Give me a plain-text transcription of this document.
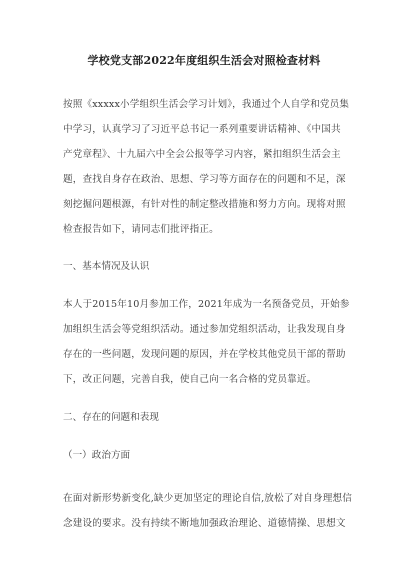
学校党支部2022年度组织生活会对照检查材料
按照《xxxxx小学组织生活会学习计划》，我通过个人自学和党员集
中学习，认真学习了习近平总书记一系列重要讲话精神、《中国共
产党章程》、十九届六中全会公报等学习内容，紧扣组织生活会主
题，查找自身存在政治、思想、学习等方面存在的问题和不足，深
刻挖掘问题根源，有针对性的制定整改措施和努力方向。现将对照
检查报告如下，请同志们批评指正。
一、基本情况及认识
本人于2015年10月参加工作，2021年成为一名预备党员，开始参
加组织生活会等党组织活动。通过参加党组织活动，让我发现自身
存在的一些问题，发现问题的原因，并在学校其他党员干部的帮助
下，改正问题，完善自我，使自己向一名合格的党员靠近。
二、存在的问题和表现
（一）政治方面
在面对新形势新变化,缺少更加坚定的理论自信,放松了对自身理想信
念建设的要求。没有持续不断地加强政治理论、道德情操、思想文
